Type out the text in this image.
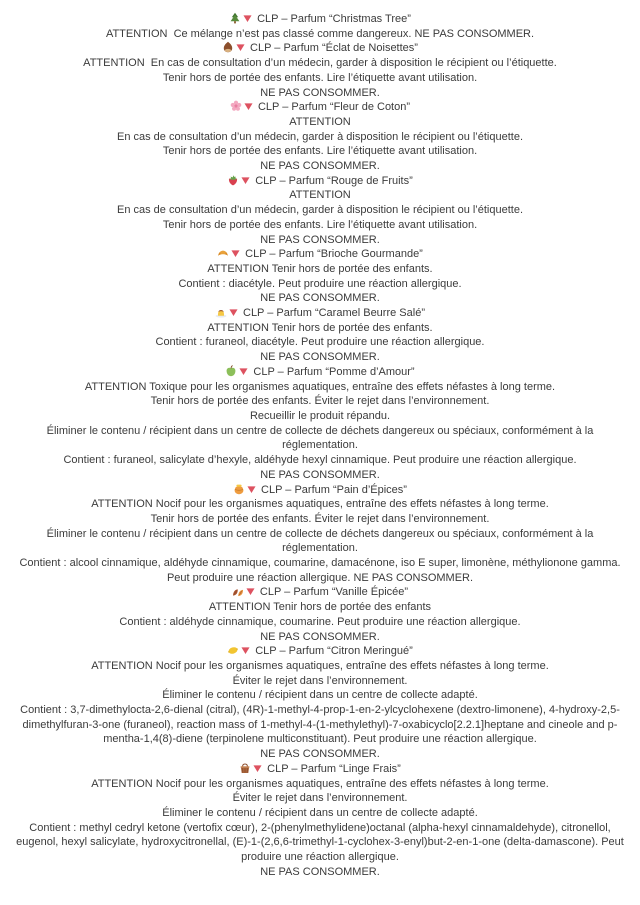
CLP – Parfum “Christmas Tree”

ATTENTION  Ce mélange n’est pas classé comme dangereux. NE PAS CONSOMMER.

CLP – Parfum “Éclat de Noisettes”

ATTENTION  En cas de consultation d’un médecin, garder à disposition le récipient ou l’étiquette.

Tenir hors de portée des enfants. Lire l’étiquette avant utilisation.

NE PAS CONSOMMER.

CLP – Parfum “Fleur de Coton”

ATTENTION

En cas de consultation d’un médecin, garder à disposition le récipient ou l’étiquette.

Tenir hors de portée des enfants. Lire l’étiquette avant utilisation.

NE PAS CONSOMMER.

CLP – Parfum “Rouge de Fruits”

ATTENTION

En cas de consultation d’un médecin, garder à disposition le récipient ou l’étiquette.

Tenir hors de portée des enfants. Lire l’étiquette avant utilisation.

NE PAS CONSOMMER.

CLP – Parfum “Brioche Gourmande”

ATTENTION Tenir hors de portée des enfants.

Contient : diacétyle. Peut produire une réaction allergique.

NE PAS CONSOMMER.

CLP – Parfum “Caramel Beurre Salé”

ATTENTION Tenir hors de portée des enfants.

Contient : furaneol, diacétyle. Peut produire une réaction allergique.

NE PAS CONSOMMER.

CLP – Parfum “Pomme d’Amour”

ATTENTION Toxique pour les organismes aquatiques, entraîne des effets néfastes à long terme.

Tenir hors de portée des enfants. Éviter le rejet dans l’environnement.

Recueillir le produit répandu.

Éliminer le contenu / récipient dans un centre de collecte de déchets dangereux ou spéciaux, conformément à la réglementation.

Contient : furaneol, salicylate d’hexyle, aldéhyde hexyl cinnamique. Peut produire une réaction allergique.

NE PAS CONSOMMER.

CLP – Parfum “Pain d’Épices”

ATTENTION Nocif pour les organismes aquatiques, entraîne des effets néfastes à long terme.

Tenir hors de portée des enfants. Éviter le rejet dans l’environnement.

Éliminer le contenu / récipient dans un centre de collecte de déchets dangereux ou spéciaux, conformément à la réglementation.

Contient : alcool cinnamique, aldéhyde cinnamique, coumarine, damacénone, iso E super, limonène, méthylionone gamma. Peut produire une réaction allergique. NE PAS CONSOMMER.

CLP – Parfum “Vanille Épicée”

ATTENTION Tenir hors de portée des enfants

Contient : aldéhyde cinnamique, coumarine. Peut produire une réaction allergique.

NE PAS CONSOMMER.

CLP – Parfum “Citron Meringué”

ATTENTION Nocif pour les organismes aquatiques, entraîne des effets néfastes à long terme.

Éviter le rejet dans l’environnement.

Éliminer le contenu / récipient dans un centre de collecte adapté.

Contient : 3,7-dimethylocta-2,6-dienal (citral), (4R)-1-methyl-4-prop-1-en-2-ylcyclohexene (dextro-limonene), 4-hydroxy-2,5-dimethylfuran-3-one (furaneol), reaction mass of 1-methyl-4-(1-methylethyl)-7-oxabicyclo[2.2.1]heptane and cineole and p-mentha-1,4(8)-diene (terpinolene multiconstituant). Peut produire une réaction allergique.

NE PAS CONSOMMER.

CLP – Parfum “Linge Frais”

ATTENTION Nocif pour les organismes aquatiques, entraîne des effets néfastes à long terme.

Éviter le rejet dans l’environnement.

Éliminer le contenu / récipient dans un centre de collecte adapté.

Contient : methyl cedryl ketone (vertofix cœur), 2-(phenylmethylidene)octanal (alpha-hexyl cinnamaldehyde), citronellol, eugenol, hexyl salicylate, hydroxycitronellal, (E)-1-(2,6,6-trimethyl-1-cyclohex-3-enyl)but-2-en-1-one (delta-damascone). Peut produire une réaction allergique.

NE PAS CONSOMMER.
